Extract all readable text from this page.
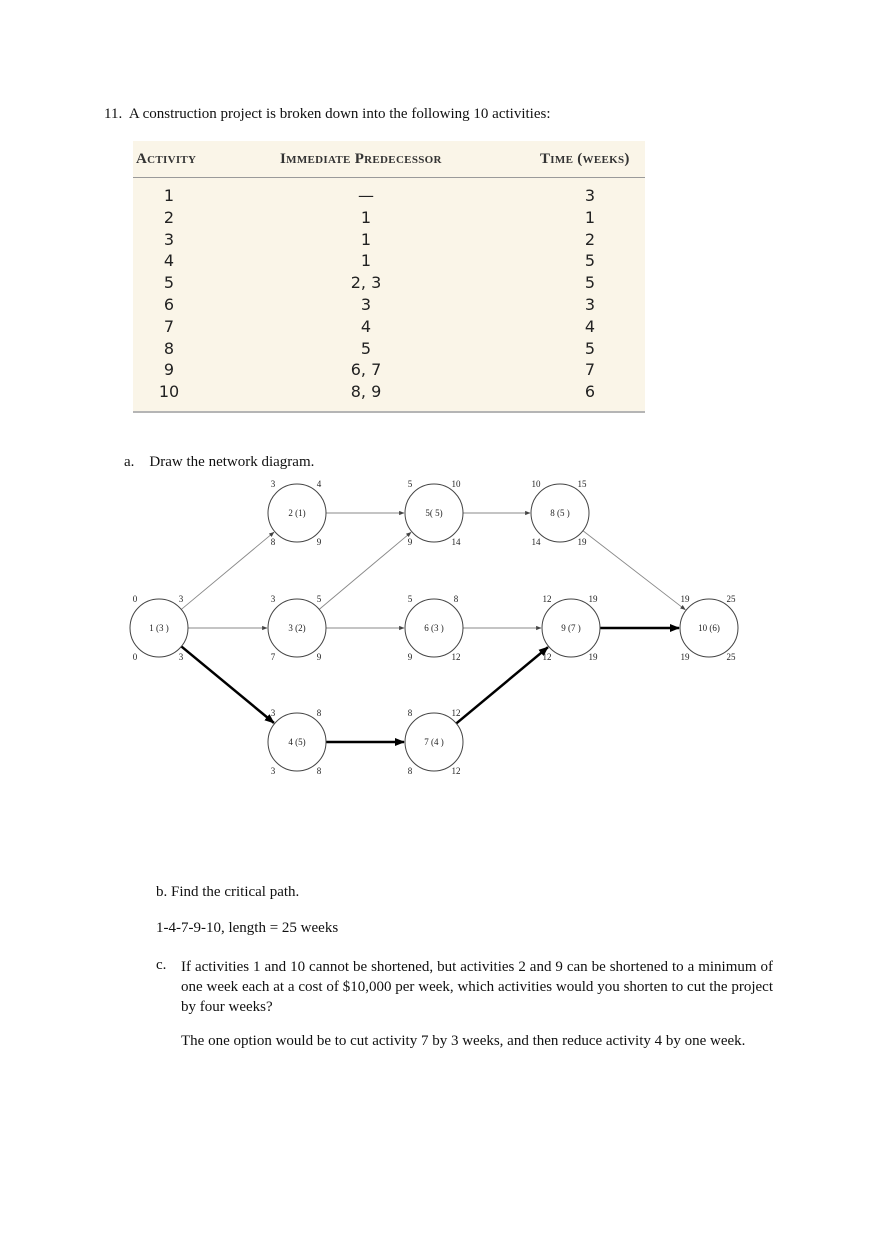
11. A construction project is broken down into the following 10 activities:
Activity	Immediate Predecessor	Time (weeks)
1	—	3
2	1	1
3	1	2
4	1	5
5	2, 3	5
6	3	3
7	4	4
8	5	5
9	6, 7	7
10	8, 9	6
a. Draw the network diagram.
1 (3 )
0	3
0	3
2 (1)
3	4
8	9
3 (2)
3	5
7	9
4 (5)
3	8
3	8
5( 5)
5	10
9	14
6 (3 )
5	8
9	12
7 (4 )
8	12
8	12
8 (5 )
10	15
14	19
9 (7 )
12	19
12	19
10 (6)
19	25
19	25
b. Find the critical path.
1-4-7-9-10, length = 25 weeks
c. If activities 1 and 10 cannot be shortened, but activities 2 and 9 can be shortened to a minimum of one week each at a cost of $10,000 per week, which activities would you shorten to cut the project by four weeks?
The one option would be to cut activity 7 by 3 weeks, and then reduce activity 4 by one week.
